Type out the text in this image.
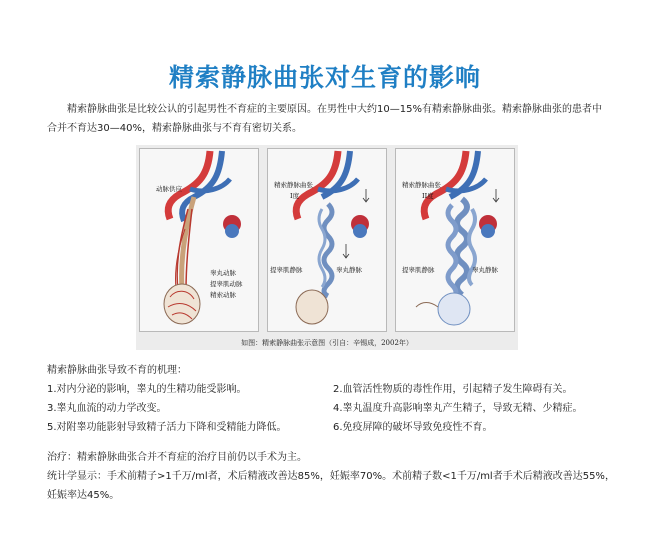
精索静脉曲张对生育的影响
精索静脉曲张是比较公认的引起男性不育症的主要原因。在男性中大约10—15%有精索静脉曲张。精索静脉曲张的患者中合并不育达30—40%，精索静脉曲张与不育有密切关系。
动脉供应
睾丸动脉
提睾肌动脉
精索动脉
精索静脉曲张
I度
提睾肌静脉	睾丸静脉
精索静脉曲张
II度
提睾肌静脉	睾丸静脉
如图：精索静脉曲张示意图（引自：辛锡成，2002年）
精索静脉曲张导致不育的机理：
1.对内分泌的影响，睾丸的生精功能受影响。	2.血管活性物质的毒性作用，引起精子发生障碍有关。
3.睾丸血流的动力学改变。	4.睾丸温度升高影响睾丸产生精子，导致无精、少精症。
5.对附睾功能影射导致精子活力下降和受精能力降低。	6.免疫屏障的破坏导致免疫性不育。
治疗：精索静脉曲张合并不育症的治疗目前仍以手术为主。
统计学显示：手术前精子>1千万/ml者，术后精液改善达85%，妊娠率70%。术前精子数<1千万/ml者手术后精液改善达55%，妊娠率达45%。
